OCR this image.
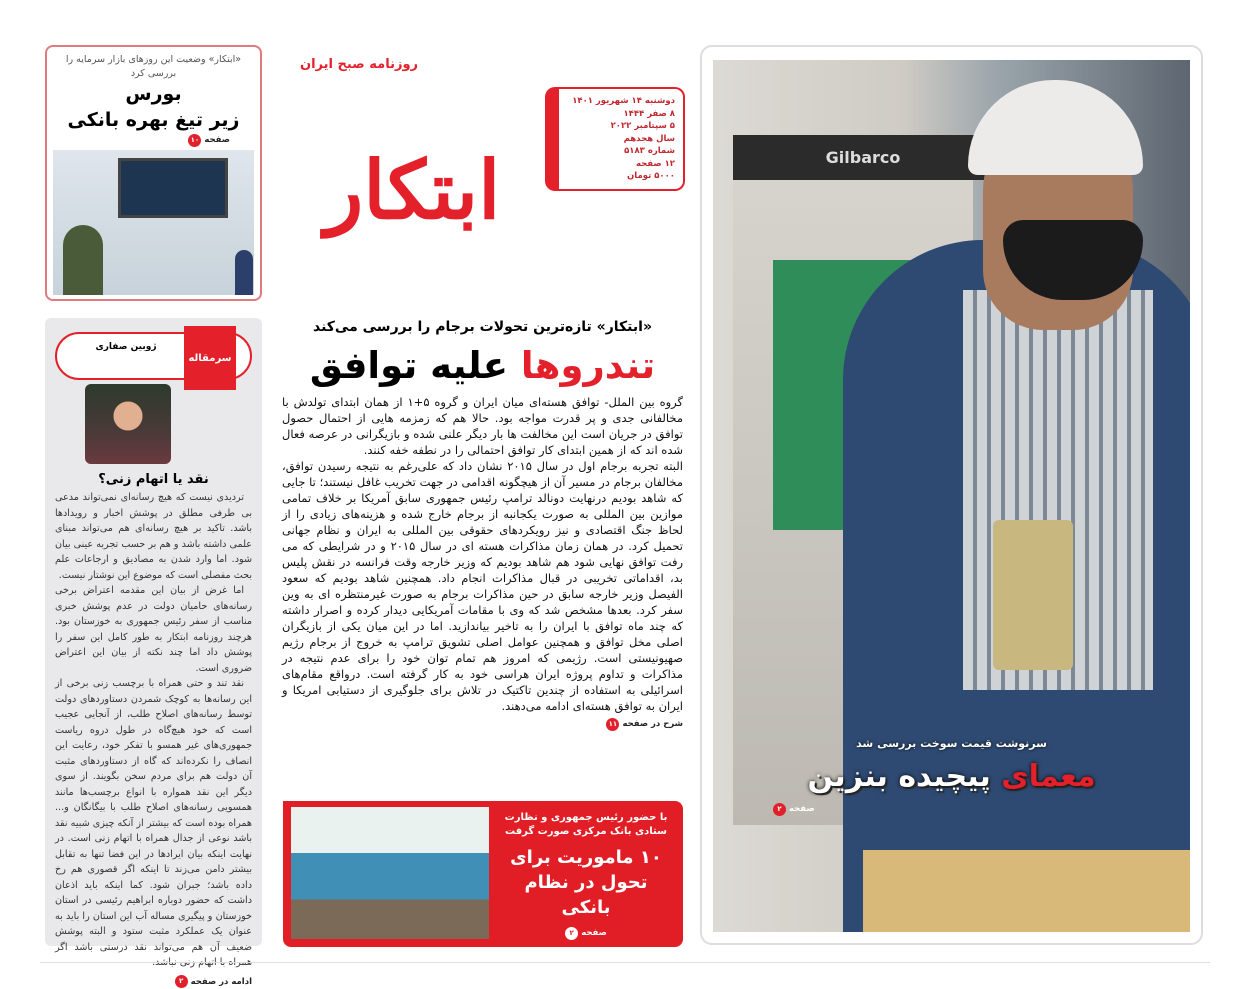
«ابتکار» وضعیت این روزهای بازار سرمایه را بررسی کرد
بورس
زیر تیغ بهره بانکی
صفحه
۱۰
ابتکار
روزنامه صبح ایران
دوشنبه ۱۴ شهریور ۱۴۰۱
۸ صفر ۱۴۴۴
۵ سپتامبر ۲۰۲۲
سال هجدهم
شماره ۵۱۸۳
۱۲ صفحه
۵۰۰۰ تومان
«ابتکار» تازه‌ترین تحولات برجام را بررسی می‌کند
تندروها علیه توافق

گروه بین الملل- توافق هسته‌ای میان ایران و گروه ۵+۱ از همان ابتدای تولدش با مخالفانی جدی و پر قدرت مواجه بود. حالا هم که زمزمه هایی از احتمال حصول توافق در جریان است این مخالفت ها بار دیگر علنی شده و بازیگرانی در عرصه فعال شده اند که از همین ابتدای کار توافق احتمالی را در نطفه خفه کنند.

البته تجربه برجام اول در سال ۲۰۱۵ نشان داد که علی‌رغم به نتیجه رسیدن توافق، مخالفان برجام در مسیر آن از هیچگونه اقدامی در جهت تخریب غافل نیستند؛ تا جایی که شاهد بودیم درنهایت دونالد ترامپ رئیس جمهوری سابق آمریکا بر خلاف تمامی موازین بین المللی به صورت یکجانبه از برجام خارج شده و هزینه‌های زیادی را از لحاظ جنگ اقتصادی و نیز رویکردهای حقوقی بین المللی به ایران و نظام جهانی تحمیل کرد. در همان زمان مذاکرات هسته ای در سال ۲۰۱۵ و در شرایطی که می رفت توافق نهایی شود هم شاهد بودیم که وزیر خارجه وقت فرانسه در نقش پلیس بد، اقداماتی تخریبی در قبال مذاکرات انجام داد. همچنین شاهد بودیم که سعود الفیصل وزیر خارجه سابق در حین مذاکرات برجام به صورت غیرمنتظره ای به وین سفر کرد. بعدها مشخص شد که وی با مقامات آمریکایی دیدار کرده و اصرار داشته که چند ماه توافق با ایران را به تاخیر بیاندازید. اما در این میان یکی از بازیگران اصلی مخل توافق و همچنین عوامل اصلی تشویق ترامپ به خروج از برجام رژیم صهیونیستی است. رژیمی که امروز هم تمام توان خود را برای عدم نتیجه در مذاکرات و تداوم پروژه ایران هراسی خود به کار گرفته است. درواقع مقام‌های اسرائیلی به استفاده از چندین تاکتیک در تلاش برای جلوگیری از دستیابی امریکا و ایران به توافق هسته‌ای ادامه می‌دهند.

شرح در صفحه
۱۱
با حضور رئیس جمهوری و نظارت ستادی بانک مرکزی صورت گرفت
۱۰ ماموریت برای تحول در نظام بانکی
صفحه
۲
سرمقاله
ژوبین صفاری
نقد یا اتهام زنی؟

تردیدی نیست که هیچ رسانه‌ای نمی‌تواند مدعی بی طرفی مطلق در پوشش اخبار و رویدادها باشد. تاکید بر هیچ رسانه‌ای هم می‌تواند مبنای علمی داشته باشد و هم بر حسب تجربه عینی بیان شود. اما وارد شدن به مصادیق و ارجاعات علم بحث مفصلی است که موضوع این نوشتار نیست.

اما غرض از بیان این مقدمه اعتراض برخی رسانه‌های حامیان دولت در عدم پوشش خبری مناسب از سفر رئیس جمهوری به خوزستان بود. هرچند روزنامه ابتکار به طور کامل این سفر را پوشش داد اما چند نکته از بیان این اعتراض ضروری است.

نقد تند و حتی همراه با برچسب زنی برخی از این رسانه‌ها به کوچک شمردن دستاوردهای دولت توسط رسانه‌های اصلاح طلب، از آنجایی عجیب است که خود هیچ‌گاه در طول دروه ریاست جمهوری‌های غیر همسو با تفکر خود، رعایت این انصاف را نکرده‌اند که گاه از دستاوردهای مثبت آن دولت هم برای مردم سخن بگویند. از سوی دیگر این نقد همواره با انواع برچسب‌ها مانند همسویی رسانه‌های اصلاح طلب با بیگانگان و... همراه بوده است که بیشتر از آنکه چیزی شبیه نقد باشد نوعی از جدال همراه با اتهام زنی است. در نهایت اینکه بیان ایرادها در این فضا تنها به تقابل بیشتر دامن می‌زند تا اینکه اگر قصوری هم رخ داده باشد؛ جبران شود. کما اینکه باید اذعان داشت که حضور دوباره ابراهیم رئیسی در استان خوزستان و پیگیری مساله آب این استان را باید به عنوان یک عملکرد مثبت ستود و البته پوشش ضعیف آن هم می‌تواند نقد درستی باشد اگر

ادامه در صفحه
۲
Gilbarco
سرنوشت قیمت سوخت بررسی شد
معمای پیچیده بنزین
صفحه
۲
